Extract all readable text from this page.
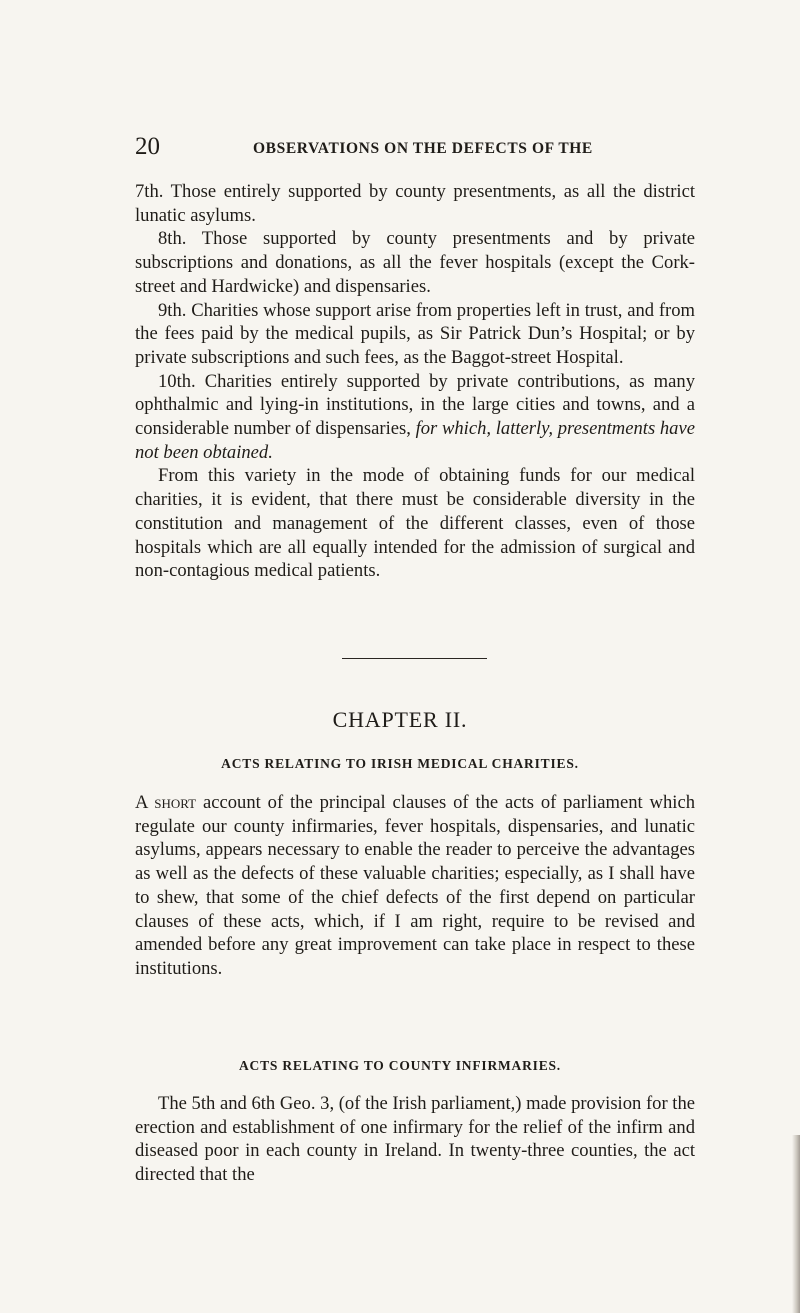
20	OBSERVATIONS ON THE DEFECTS OF THE

7th. Those entirely supported by county presentments, as all the district lunatic asylums.

8th. Those supported by county presentments and by private subscriptions and donations, as all the fever hospitals (except the Cork-street and Hardwicke) and dispensaries.

9th. Charities whose support arise from properties left in trust, and from the fees paid by the medical pupils, as Sir Patrick Dun’s Hospital; or by private subscriptions and such fees, as the Baggot-street Hospital.

10th. Charities entirely supported by private contributions, as many ophthalmic and lying-in institutions, in the large cities and towns, and a considerable number of dispensaries, for which, latterly, presentments have not been obtained.

From this variety in the mode of obtaining funds for our medical charities, it is evident, that there must be considerable diversity in the constitution and management of the different classes, even of those hospitals which are all equally intended for the admission of surgical and non-contagious medical patients.

CHAPTER II.
ACTS RELATING TO IRISH MEDICAL CHARITIES.

A short account of the principal clauses of the acts of parliament which regulate our county infirmaries, fever hospitals, dispensaries, and lunatic asylums, appears necessary to enable the reader to perceive the advantages as well as the defects of these valuable charities; especially, as I shall have to shew, that some of the chief defects of the first depend on particular clauses of these acts, which, if I am right, require to be revised and amended before any great improvement can take place in respect to these institutions.

ACTS RELATING TO COUNTY INFIRMARIES.

The 5th and 6th Geo. 3, (of the Irish parliament,) made provision for the erection and establishment of one infirmary for the relief of the infirm and diseased poor in each county in Ireland. In twenty-three counties, the act directed that the
